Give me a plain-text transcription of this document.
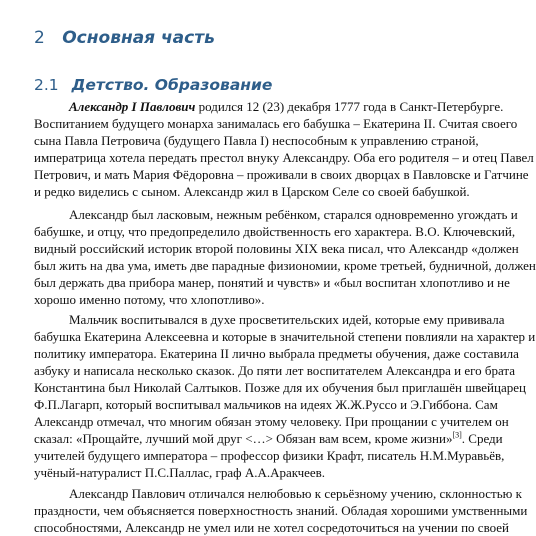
2 Основная часть
2.1 Детство. Образование
Александр I Павлович родился 12 (23) декабря 1777 года в Санкт-Петербурге.
Воспитанием будущего монарха занималась его бабушка – Екатерина II. Считая своего
сына Павла Петровича (будущего Павла I) неспособным к управлению страной,
императрица хотела передать престол внуку Александру. Оба его родителя – и отец Павел
Петрович, и мать Мария Фёдоровна – проживали в своих дворцах в Павловске и Гатчине
и редко виделись с сыном. Александр жил в Царском Селе со своей бабушкой.
Александр был ласковым, нежным ребёнком, старался одновременно угождать и
бабушке, и отцу, что предопределило двойственность его характера. В.О. Ключевский,
видный российский историк второй половины XIX века писал, что Александр «должен
был жить на два ума, иметь две парадные физиономии, кроме третьей, будничной, должен
был держать два прибора манер, понятий и чувств» и «был воспитан хлопотливо и не
хорошо именно потому, что хлопотливо».
Мальчик воспитывался в духе просветительских идей, которые ему прививала
бабушка Екатерина Алексеевна и которые в значительной степени повлияли на характер и
политику императора. Екатерина II лично выбрала предметы обучения, даже составила
азбуку и написала несколько сказок. До пяти лет воспитателем Александра и его брата
Константина был Николай Салтыков. Позже для их обучения был приглашён швейцарец
Ф.П.Лагарп, который воспитывал мальчиков на идеях Ж.Ж.Руссо и Э.Гиббона. Сам
Александр отмечал, что многим обязан этому человеку. При прощании с учителем он
сказал: «Прощайте, лучший мой друг <…> Обязан вам всем, кроме жизни»[3]. Среди
учителей будущего императора – профессор физики Крафт, писатель Н.М.Муравьёв,
учёный-натуралист П.С.Паллас, граф А.А.Аракчеев.
Александр Павлович отличался нелюбовью к серьёзному учению, склонностью к
праздности, чем объясняется поверхностность знаний. Обладая хорошими умственными
способностями, Александр не умел или не хотел сосредоточиться на учении по своей
